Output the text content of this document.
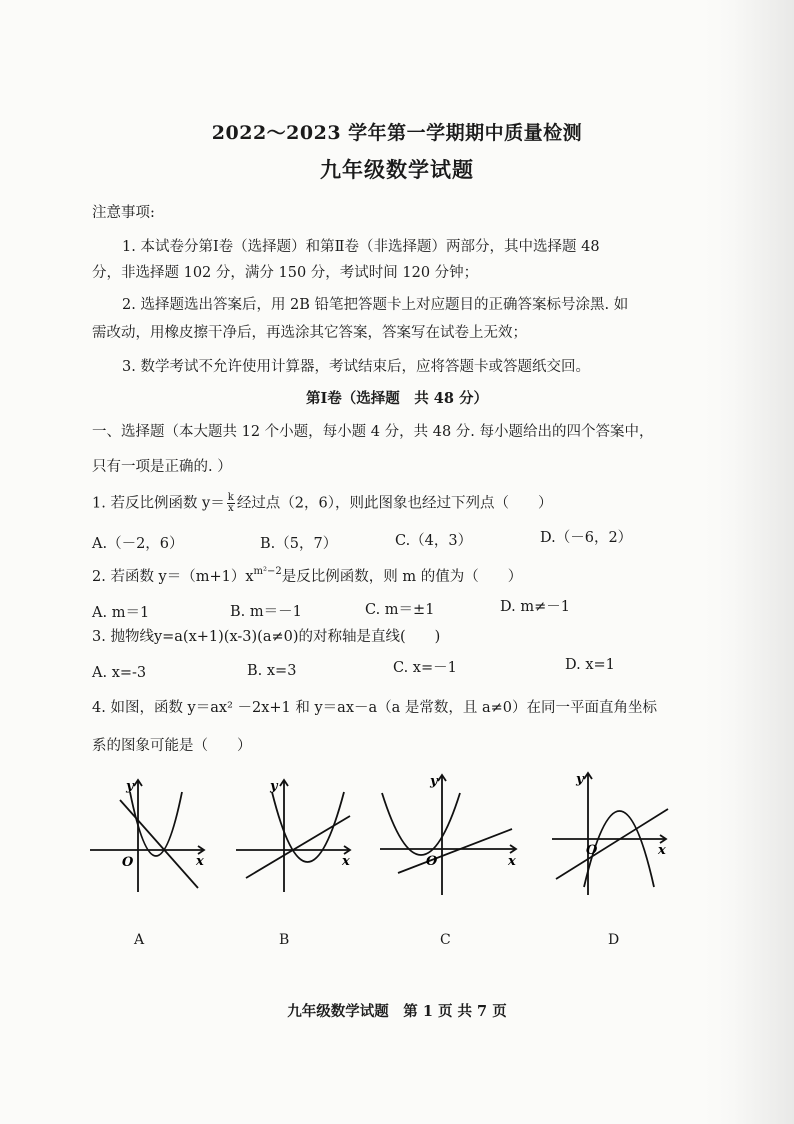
2022～2023 学年第一学期期中质量检测
九年级数学试题
注意事项:
1. 本试卷分第Ⅰ卷（选择题）和第Ⅱ卷（非选择题）两部分，其中选择题 48
分，非选择题 102 分，满分 150 分，考试时间 120 分钟；
2. 选择题选出答案后，用 2B 铅笔把答题卡上对应题目的正确答案标号涂黑. 如
需改动，用橡皮擦干净后，再选涂其它答案，答案写在试卷上无效；
3. 数学考试不允许使用计算器，考试结束后，应将答题卡或答题纸交回。
第Ⅰ卷（选择题　共 48 分）
一、选择题（本大题共 12 个小题，每小题 4 分，共 48 分. 每小题给出的四个答案中，
只有一项是正确的. ）
1. 若反比例函数 $y= \frac{k}{x}$ 经过点（2，6），则此图象也经过下列点（　　）
A.（－2，6）	B.（5，7）	C.（4，3）	D.（－6，2）
2. 若函数 $y=(m+1)x^{m^2-2}$是反比例函数，则 m 的值为（　　）
A. m＝1	B. m＝－1	C. m＝±1	D. m≠－1
3. 抛物线y=a(x+1)(x-3)(a≠0)的对称轴是直线(　　)
A. x=-3	B. x=3	C. x=－1	D. x=1
4. 如图，函数 y＝ax² －2x+1 和 y＝ax－a（a 是常数，且 a≠0）在同一平面直角坐标
系的图象可能是（　　）
y
x
O
y
x
y
x
O
y
x
O
A	B	C	D
九年级数学试题　第 1 页 共 7 页
